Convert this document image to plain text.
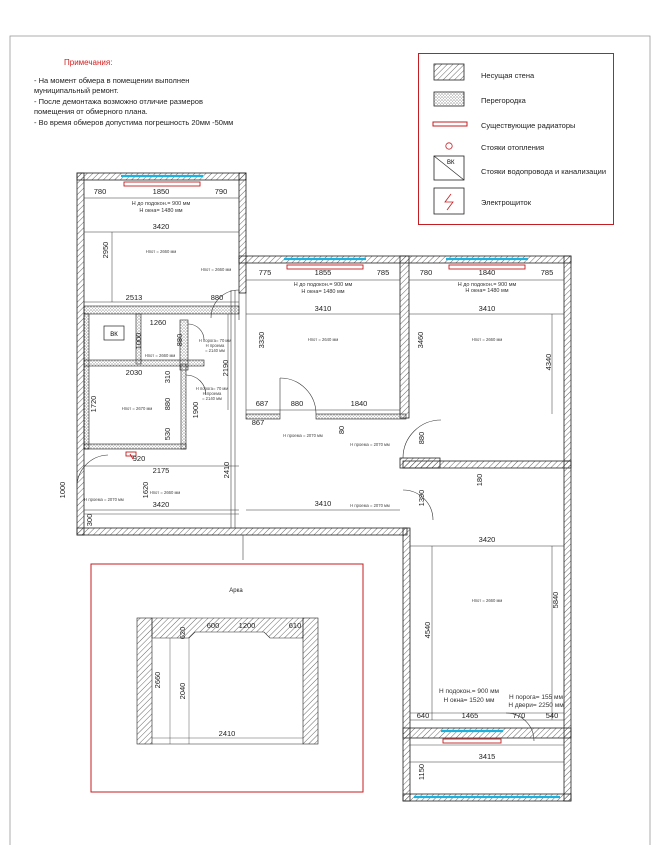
ВК
780	1850	790
3420
2513	880
1260
2030
920
2175
3420
775	1855	785
3410
687	880	1840
867
780	1840	785
3410
3410
3420
640	1465	770	540
3415
2950
1000	880
310
880
1720	1900
530
2190
1000	1620
300
2410
3330
80
3460
4340
880
180
1390
4540
5840
1150
H до подокон.= 900 мм
H окна= 1480 мм
H до подокон.= 900 мм
H окна= 1480 мм
H до подокон.= 900 мм
H окна= 1480 мм
Hпот = 2660 мм
Hпот = 2640 мм	Hпот = 2660 мм
Hпот = 2660 мм
Hпот = 2670 мм
Hпот = 2660 мм
Hпот = 2660 мм
Hпот = 2660 мм
H проема = 2070 мм
H проема = 2070 мм
H проема = 2070 мм
H проема = 2070 мм
H порога= 70 мм
H проема
= 2140 мм
H порога= 70 мм
H проема
= 2140 мм
H подокон.= 900 мм
H окна= 1520 мм H порога= 155 мм
H двери= 2250 мм
Арка
600	1200	610
2410
620
2660
2040
Примечания:
- На момент обмера в помещении выполнен
муниципальный ремонт.
- После демонтажа возможно отличие размеров
помещения от обмерного плана.
- Во время обмеров допустима погрешность 20мм -50мм
ВК
Несущая стена
Перегородка
Существующие радиаторы
Стояки отопления
Стояки водопровода и канализации
Электрощиток
